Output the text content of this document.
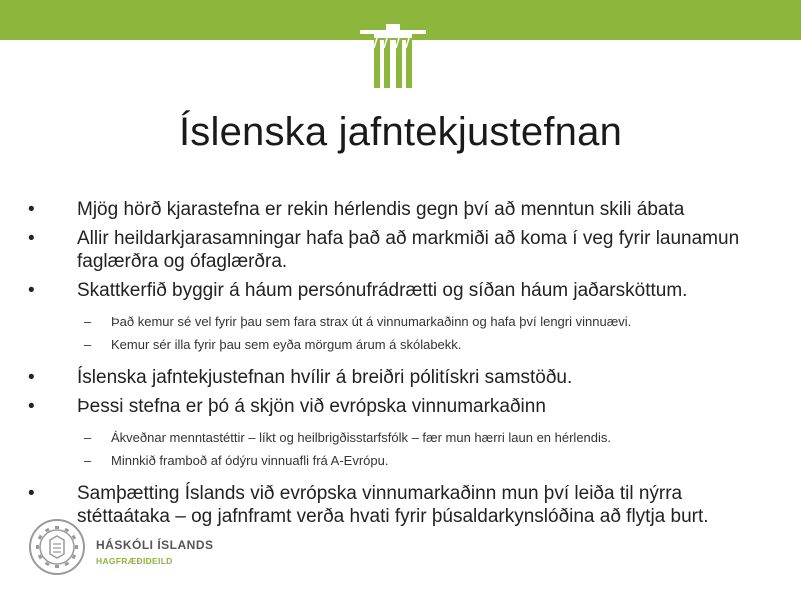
Íslenska jafntekjustefnan
• Mjög hörð kjarastefna er rekin hérlendis gegn því að menntun skili ábata
• Allir heildarkjarasamningar hafa það að markmiði að koma í veg fyrir launamun faglærðra og ófaglærðra.
• Skattkerfið byggir á háum persónufrádrætti og síðan háum jaðarsköttum.
–	Það kemur sé vel fyrir þau sem fara strax út á vinnumarkaðinn og hafa því lengri vinnuævi.
–	Kemur sér illa fyrir þau sem eyða mörgum árum á skólabekk.
• Íslenska jafntekjustefnan hvílir á breiðri pólitískri samstöðu.
• Þessi stefna er þó á skjön við evrópska vinnumarkaðinn
–	Ákveðnar menntastéttir – líkt og heilbrigðisstarfsfólk – fær mun hærri laun en hérlendis.
–	Minnkið framboð af ódýru vinnuafli frá A-Evrópu.
• Samþætting Íslands við evrópska vinnumarkaðinn mun því leiða til nýrra stéttaátaka – og jafnframt verða hvati fyrir þúsaldarkynslóðina að flytja burt.
HÁSKÓLI ÍSLANDS
HAGFRÆÐIDEILD
